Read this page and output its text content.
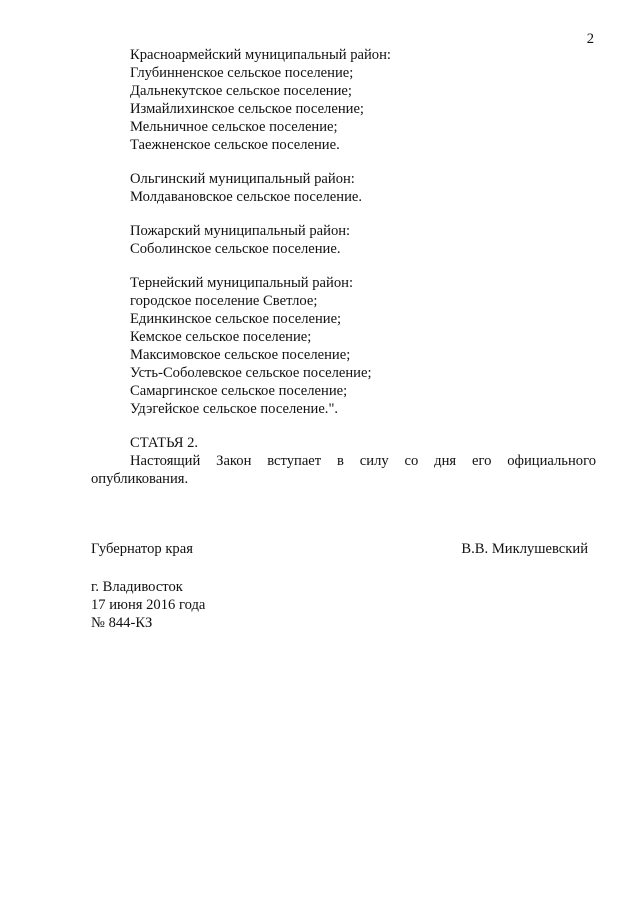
2
Красноармейский муниципальный район:
Глубинненское сельское поселение;
Дальнекутское сельское поселение;
Измайлихинское сельское поселение;
Мельничное сельское поселение;
Таежненское сельское поселение.
Ольгинский муниципальный район:
Молдавановское сельское поселение.
Пожарский муниципальный район:
Соболинское сельское поселение.
Тернейский муниципальный район:
городское поселение Светлое;
Единкинское сельское поселение;
Кемское сельское поселение;
Максимовское сельское поселение;
Усть-Соболевское сельское поселение;
Самаргинское сельское поселение;
Удэгейское сельское поселение.".
СТАТЬЯ 2.
Настоящий Закон вступает в силу со дня его официального
опубликования.
Губернатор края	В.В. Миклушевский
г. Владивосток
17 июня 2016 года
№ 844-КЗ
